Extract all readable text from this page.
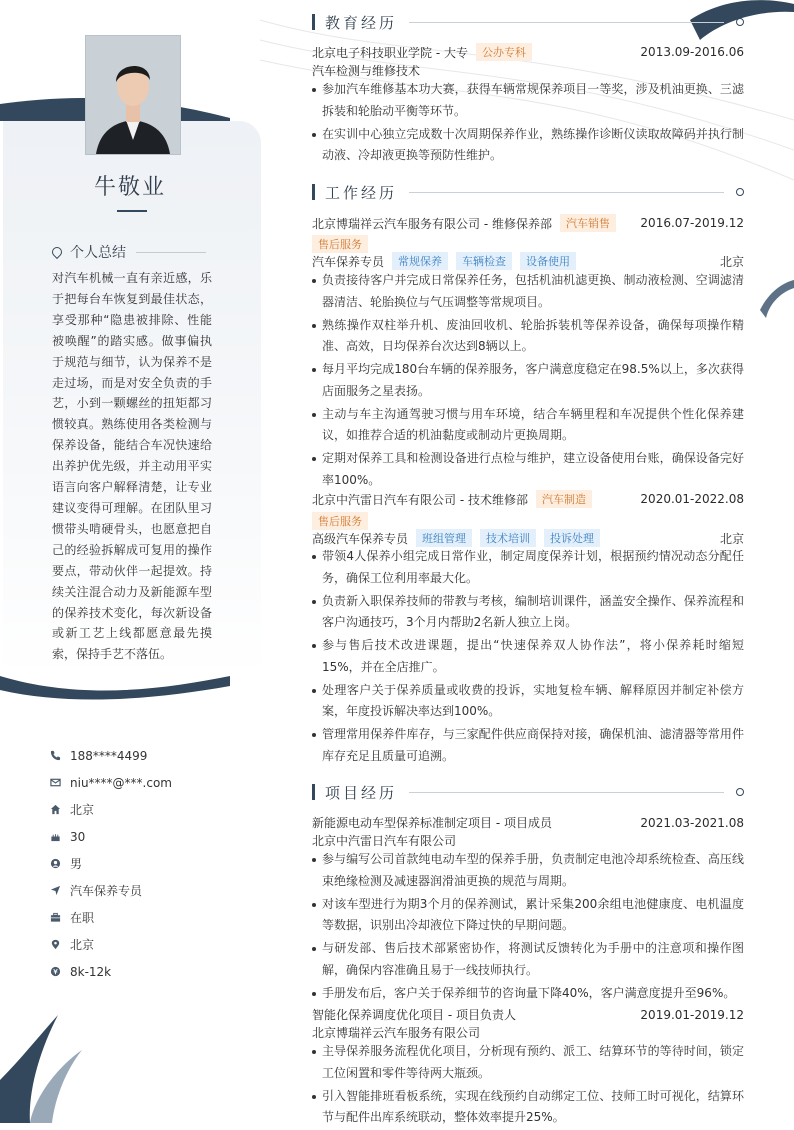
牛敬业
个人总结
对汽车机械一直有亲近感，乐于把每台车恢复到最佳状态，享受那种“隐患被排除、性能被唤醒”的踏实感。做事偏执于规范与细节，认为保养不是走过场，而是对安全负责的手艺，小到一颗螺丝的扭矩都习惯较真。熟练使用各类检测与保养设备，能结合车况快速给出养护优先级，并主动用平实语言向客户解释清楚，让专业建议变得可理解。在团队里习惯带头啃硬骨头，也愿意把自己的经验拆解成可复用的操作要点，带动伙伴一起提效。持续关注混合动力及新能源车型的保养技术变化，每次新设备或新工艺上线都愿意最先摸索，保持手艺不落伍。
188****4499
niu****@***.com
北京
30
男
汽车保养专员
在职
北京
8k-12k
教育经历
北京电子科技职业学院 - 大专	公办专科	2013.09-2016.06
汽车检测与维修技术
参加汽车维修基本功大赛，获得车辆常规保养项目一等奖，涉及机油更换、三滤拆装和轮胎动平衡等环节。
在实训中心独立完成数十次周期保养作业，熟练操作诊断仪读取故障码并执行制动液、冷却液更换等预防性维护。
工作经历
北京博瑞祥云汽车服务有限公司 - 维修保养部	汽车销售	2016.07-2019.12
售后服务
汽车保养专员	常规保养	车辆检查	设备使用	北京
负责接待客户并完成日常保养任务，包括机油机滤更换、制动液检测、空调滤清器清洁、轮胎换位与气压调整等常规项目。
熟练操作双柱举升机、废油回收机、轮胎拆装机等保养设备，确保每项操作精准、高效，日均保养台次达到8辆以上。
每月平均完成180台车辆的保养服务，客户满意度稳定在98.5%以上，多次获得店面服务之星表扬。
主动与车主沟通驾驶习惯与用车环境，结合车辆里程和车况提供个性化保养建议，如推荐合适的机油黏度或制动片更换周期。
定期对保养工具和检测设备进行点检与维护，建立设备使用台账，确保设备完好率100%。
北京中汽雷日汽车有限公司 - 技术维修部	汽车制造	2020.01-2022.08
售后服务
高级汽车保养专员	班组管理	技术培训	投诉处理	北京
带领4人保养小组完成日常作业，制定周度保养计划，根据预约情况动态分配任务，确保工位利用率最大化。
负责新入职保养技师的带教与考核，编制培训课件，涵盖安全操作、保养流程和客户沟通技巧，3个月内帮助2名新人独立上岗。
参与售后技术改进课题，提出“快速保养双人协作法”，将小保养耗时缩短15%，并在全店推广。
处理客户关于保养质量或收费的投诉，实地复检车辆、解释原因并制定补偿方案，年度投诉解决率达到100%。
管理常用保养件库存，与三家配件供应商保持对接，确保机油、滤清器等常用件库存充足且质量可追溯。
项目经历
新能源电动车型保养标准制定项目 - 项目成员	2021.03-2021.08
北京中汽雷日汽车有限公司
参与编写公司首款纯电动车型的保养手册，负责制定电池冷却系统检查、高压线束绝缘检测及减速器润滑油更换的规范与周期。
对该车型进行为期3个月的保养测试，累计采集200余组电池健康度、电机温度等数据，识别出冷却液位下降过快的早期问题。
与研发部、售后技术部紧密协作，将测试反馈转化为手册中的注意项和操作图解，确保内容准确且易于一线技师执行。
手册发布后，客户关于保养细节的咨询量下降40%，客户满意度提升至96%。
智能化保养调度优化项目 - 项目负责人	2019.01-2019.12
北京博瑞祥云汽车服务有限公司
主导保养服务流程优化项目，分析现有预约、派工、结算环节的等待时间，锁定工位闲置和零件等待两大瓶颈。
引入智能排班看板系统，实现在线预约自动绑定工位、技师工时可视化，结算环节与配件出库系统联动，整体效率提升25%。
